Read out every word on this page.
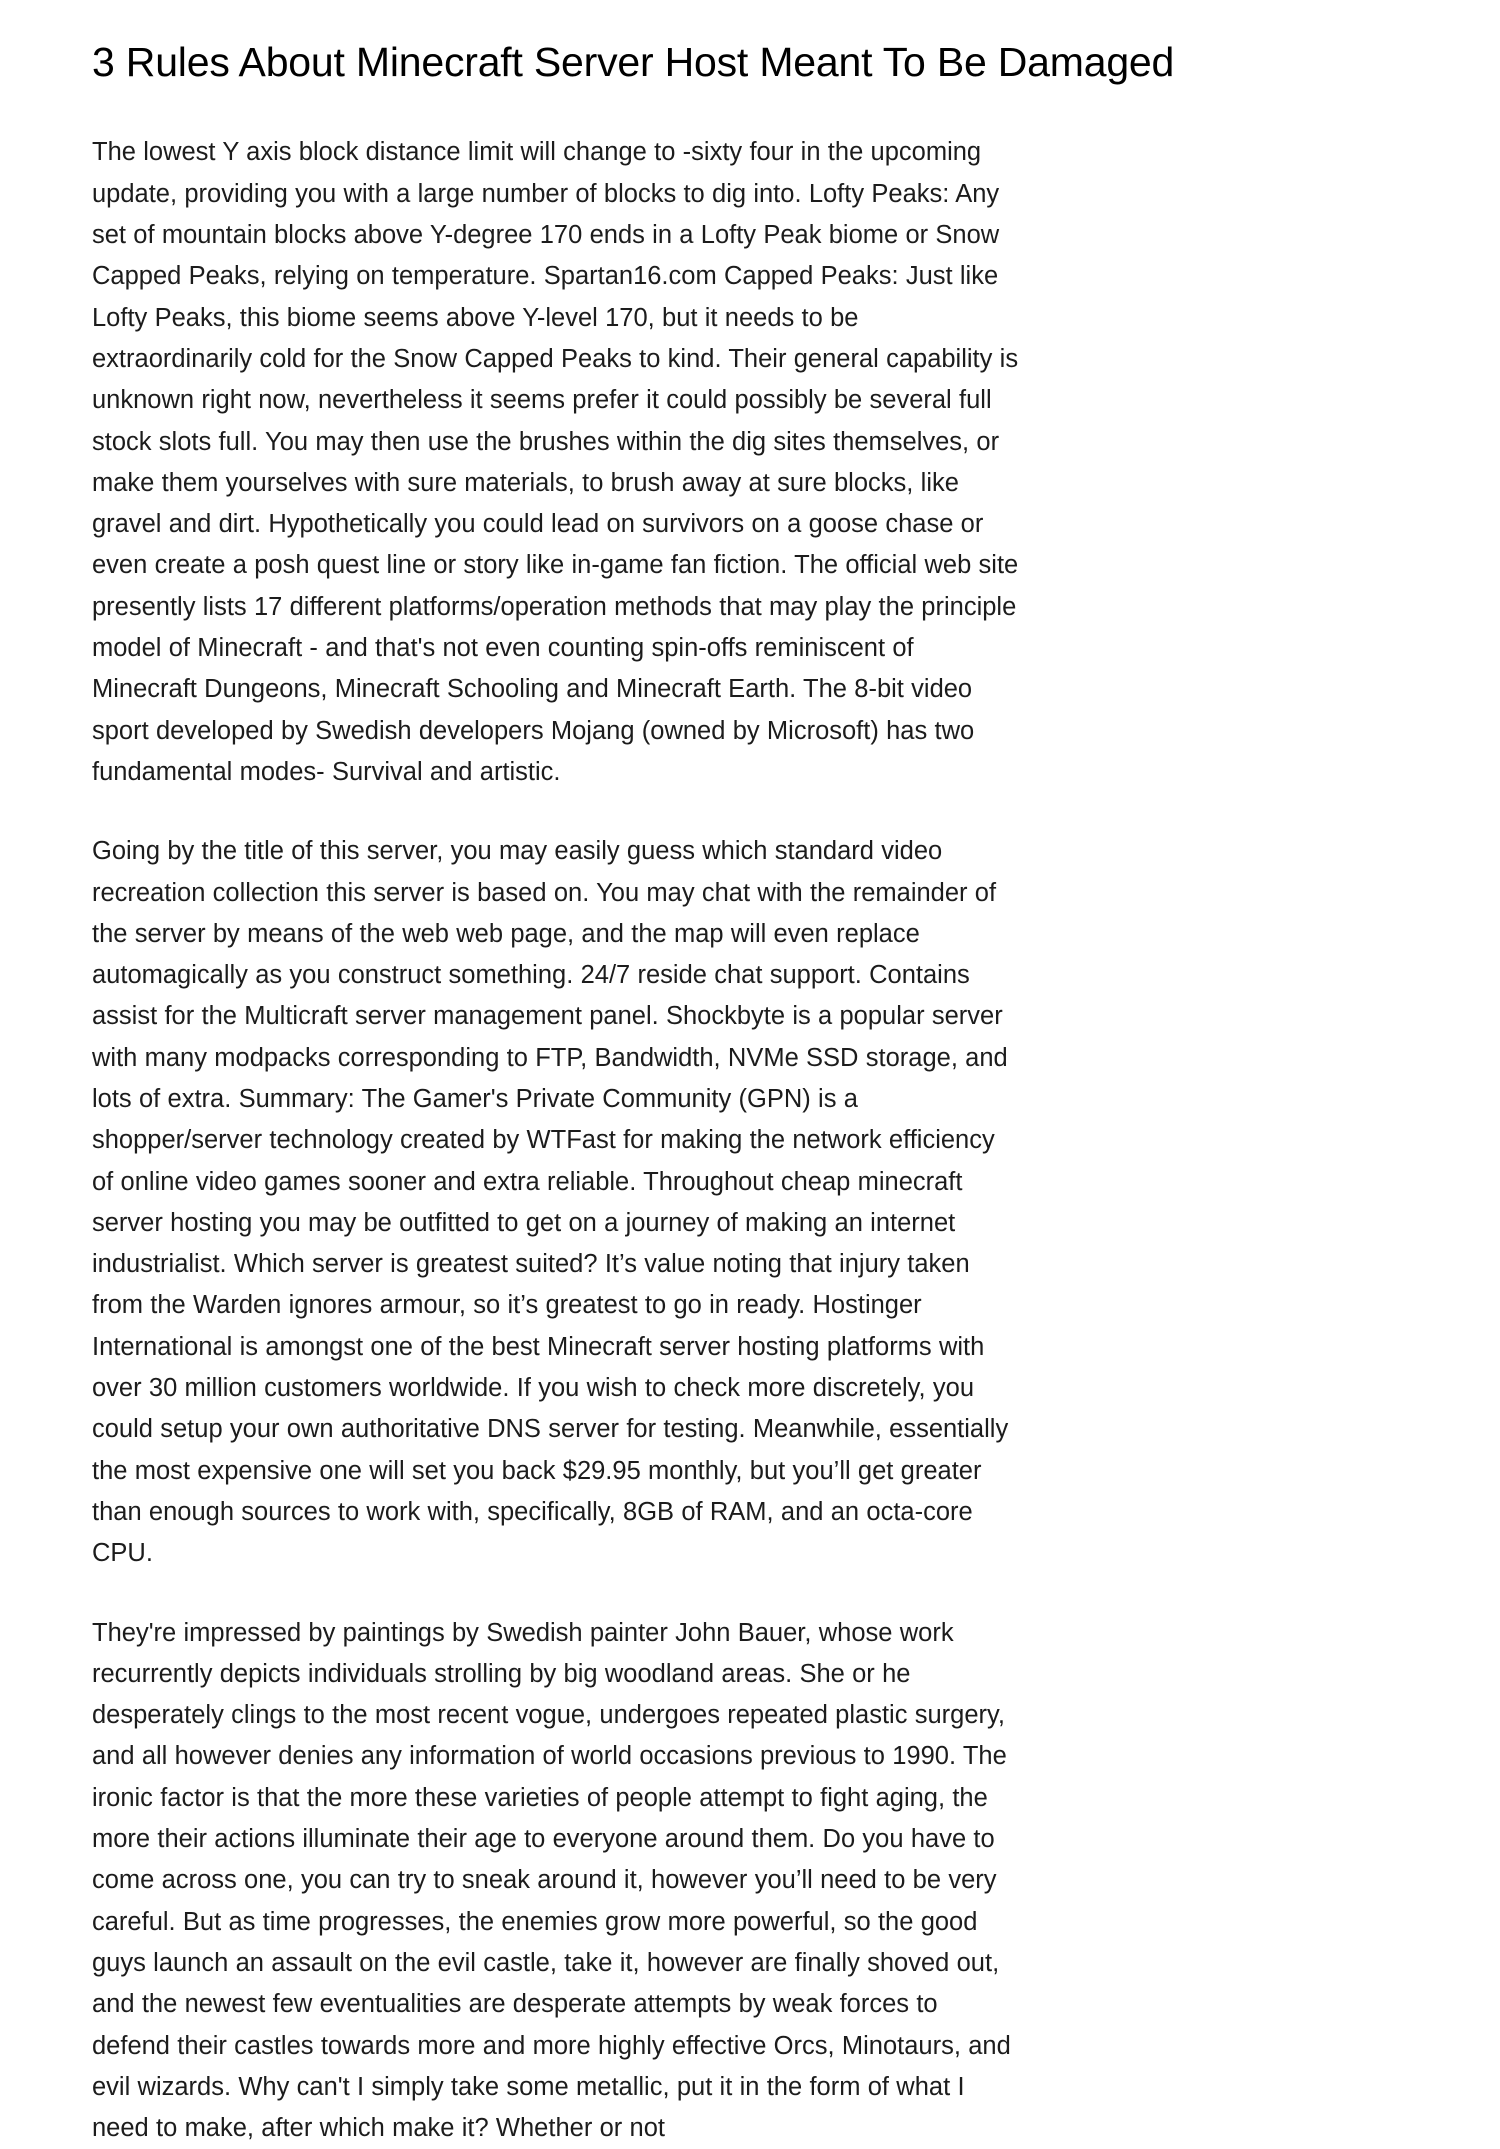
3 Rules About Minecraft Server Host Meant To Be Damaged

The lowest Y axis block distance limit will change to -sixty four in the upcoming update, providing you with a large number of blocks to dig into. Lofty Peaks: Any set of mountain blocks above Y-degree 170 ends in a Lofty Peak biome or Snow Capped Peaks, relying on temperature. Spartan16.com Capped Peaks: Just like Lofty Peaks, this biome seems above Y-level 170, but it needs to be extraordinarily cold for the Snow Capped Peaks to kind. Their general capability is unknown right now, nevertheless it seems prefer it could possibly be several full stock slots full. You may then use the brushes within the dig sites themselves, or make them yourselves with sure materials, to brush away at sure blocks, like gravel and dirt. Hypothetically you could lead on survivors on a goose chase or even create a posh quest line or story like in-game fan fiction. The official web site presently lists 17 different platforms/operation methods that may play the principle model of Minecraft - and that's not even counting spin-offs reminiscent of Minecraft Dungeons, Minecraft Schooling and Minecraft Earth. The 8-bit video sport developed by Swedish developers Mojang (owned by Microsoft) has two fundamental modes- Survival and artistic.

Going by the title of this server, you may easily guess which standard video recreation collection this server is based on. You may chat with the remainder of the server by means of the web web page, and the map will even replace automagically as you construct something. 24/7 reside chat support. Contains assist for the Multicraft server management panel. Shockbyte is a popular server with many modpacks corresponding to FTP, Bandwidth, NVMe SSD storage, and lots of extra. Summary: The Gamer's Private Community (GPN) is a shopper/server technology created by WTFast for making the network efficiency of online video games sooner and extra reliable. Throughout cheap minecraft server hosting you may be outfitted to get on a journey of making an internet industrialist. Which server is greatest suited? It’s value noting that injury taken from the Warden ignores armour, so it’s greatest to go in ready. Hostinger International is amongst one of the best Minecraft server hosting platforms with over 30 million customers worldwide. If you wish to check more discretely, you could setup your own authoritative DNS server for testing. Meanwhile, essentially the most expensive one will set you back $29.95 monthly, but you’ll get greater than enough sources to work with, specifically, 8GB of RAM, and an octa-core CPU.

They're impressed by paintings by Swedish painter John Bauer, whose work recurrently depicts individuals strolling by big woodland areas. She or he desperately clings to the most recent vogue, undergoes repeated plastic surgery, and all however denies any information of world occasions previous to 1990. The ironic factor is that the more these varieties of people attempt to fight aging, the more their actions illuminate their age to everyone around them. Do you have to come across one, you can try to sneak around it, however you’ll need to be very careful. But as time progresses, the enemies grow more powerful, so the good guys launch an assault on the evil castle, take it, however are finally shoved out, and the newest few eventualities are desperate attempts by weak forces to defend their castles towards more and more highly effective Orcs, Minotaurs, and evil wizards. Why can't I simply take some metallic, put it in the form of what I need to make, after which make it? Whether or not
